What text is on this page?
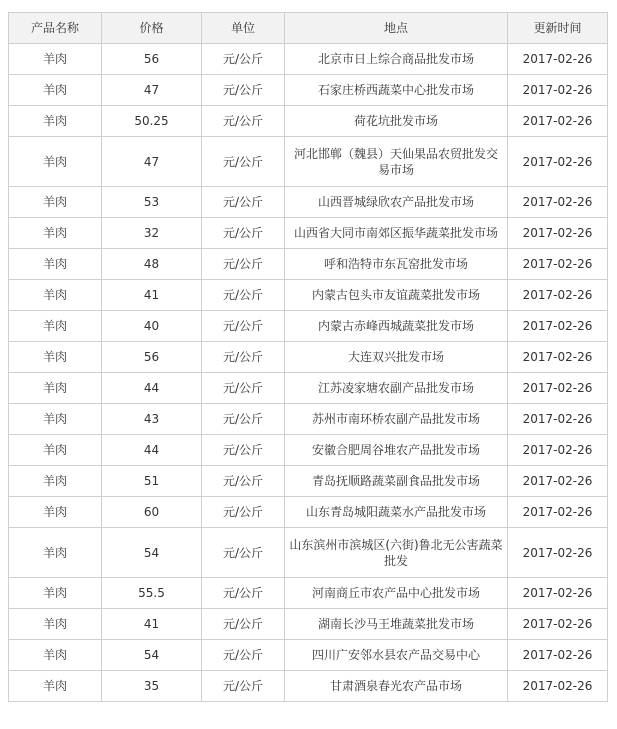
产品名称	价格	单位	地点	更新时间
羊肉	56	元/公斤	北京市日上综合商品批发市场	2017-02-26
羊肉	47	元/公斤	石家庄桥西蔬菜中心批发市场	2017-02-26
羊肉	50.25	元/公斤	荷花坑批发市场	2017-02-26
羊肉	47	元/公斤	河北邯郸（魏县）天仙果品农贸批发交易市场	2017-02-26
羊肉	53	元/公斤	山西晋城绿欣农产品批发市场	2017-02-26
羊肉	32	元/公斤	山西省大同市南郊区振华蔬菜批发市场	2017-02-26
羊肉	48	元/公斤	呼和浩特市东瓦窑批发市场	2017-02-26
羊肉	41	元/公斤	内蒙古包头市友谊蔬菜批发市场	2017-02-26
羊肉	40	元/公斤	内蒙古赤峰西城蔬菜批发市场	2017-02-26
羊肉	56	元/公斤	大连双兴批发市场	2017-02-26
羊肉	44	元/公斤	江苏凌家塘农副产品批发市场	2017-02-26
羊肉	43	元/公斤	苏州市南环桥农副产品批发市场	2017-02-26
羊肉	44	元/公斤	安徽合肥周谷堆农产品批发市场	2017-02-26
羊肉	51	元/公斤	青岛抚顺路蔬菜副食品批发市场	2017-02-26
羊肉	60	元/公斤	山东青岛城阳蔬菜水产品批发市场	2017-02-26
羊肉	54	元/公斤	山东滨州市滨城区(六街)鲁北无公害蔬菜批发	2017-02-26
羊肉	55.5	元/公斤	河南商丘市农产品中心批发市场	2017-02-26
羊肉	41	元/公斤	湖南长沙马王堆蔬菜批发市场	2017-02-26
羊肉	54	元/公斤	四川广安邻水县农产品交易中心	2017-02-26
羊肉	35	元/公斤	甘肃酒泉春光农产品市场	2017-02-26
